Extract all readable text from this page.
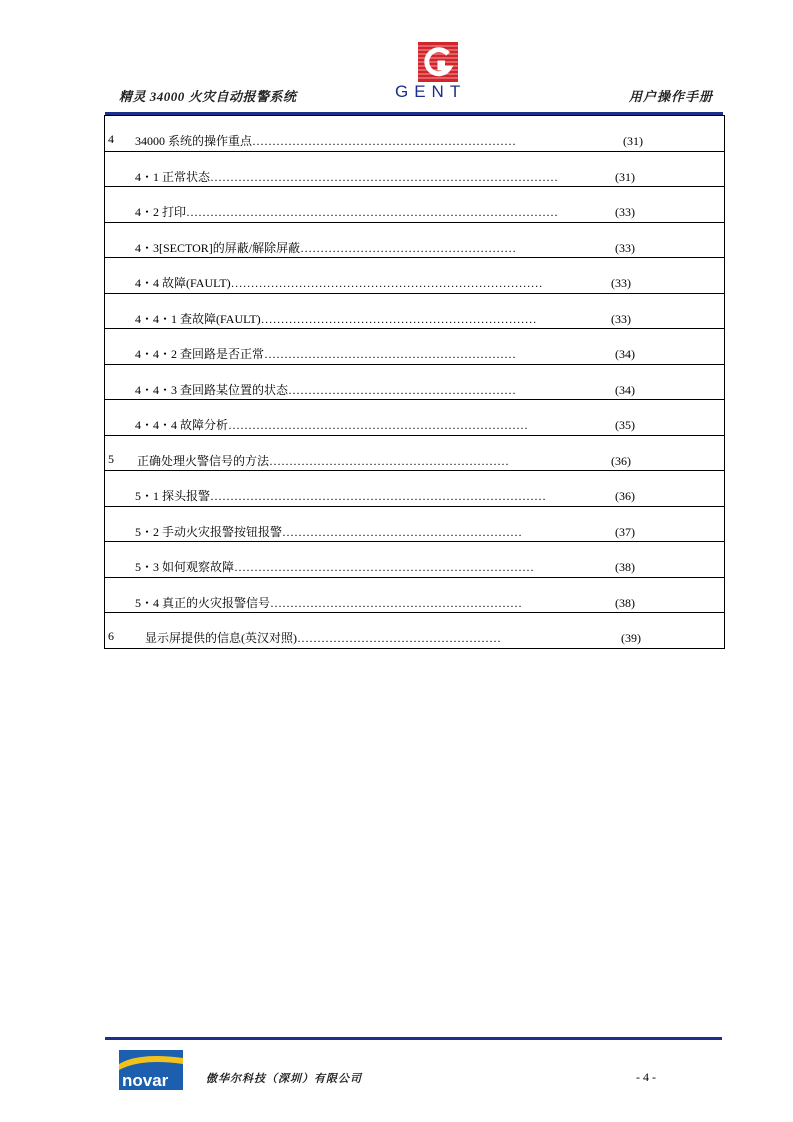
精灵 34000 火灾自动报警系统	GENT	用户操作手册
4 34000 系统的操作重点…………………………………………………………	(31)
4・1 正常状态……………………………………………………………………………	(31)
4・2 打印…………………………………………………………………………………	(33)
4・3[SECTOR]的屏蔽/解除屏蔽………………………………………………	(33)
4・4 故障(FAULT)……………………………………………………………………	(33)
4・4・1 查故障(FAULT)……………………………………………………………	(33)
4・4・2 查回路是否正常………………………………………………………	(34)
4・4・3 查回路某位置的状态…………………………………………………	(34)
4・4・4 故障分析…………………………………………………………………	(35)
5 正确处理火警信号的方法……………………………………………………	(36)
5・1 探头报警…………………………………………………………………………	(36)
5・2 手动火灾报警按钮报警……………………………………………………	(37)
5・3 如何观察故障…………………………………………………………………	(38)
5・4 真正的火灾报警信号………………………………………………………	(38)
6	显示屏提供的信息(英汉对照)……………………………………………	(39)
novar	傲华尔科技（深圳）有限公司	- 4 -
